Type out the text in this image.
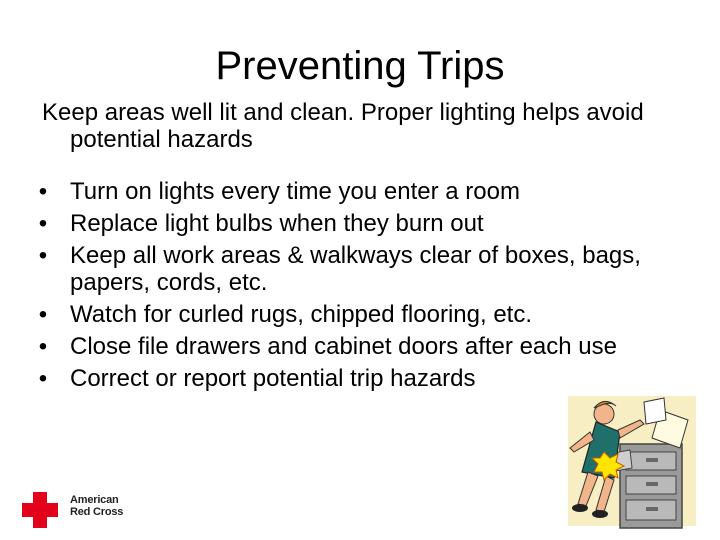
Preventing Trips

Keep areas well lit and clean. Proper lighting helps avoid potential hazards

• Turn on lights every time you enter a room
• Replace light bulbs when they burn out
• Keep all work areas & walkways clear of boxes, bags, papers, cords, etc.
• Watch for curled rugs, chipped flooring, etc.
• Close file drawers and cabinet doors after each use
• Correct or report potential trip hazards
American
Red Cross
